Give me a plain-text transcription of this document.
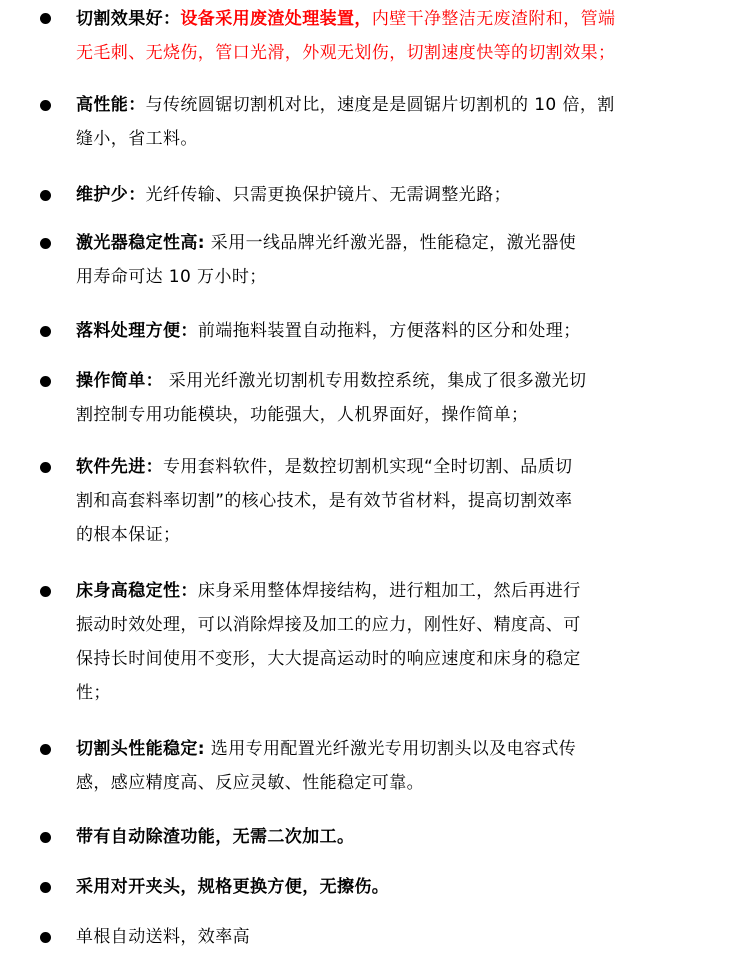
切割效果好：设备采用废渣处理装置，内壁干净整洁无废渣附和，管端
无毛刺、无烧伤，管口光滑，外观无划伤，切割速度快等的切割效果；
高性能：与传统圆锯切割机对比，速度是是圆锯片切割机的 10 倍，割
缝小，省工料。
维护少：光纤传输、只需更换保护镜片、无需调整光路；
激光器稳定性高: 采用一线品牌光纤激光器，性能稳定，激光器使
用寿命可达 10 万小时；
落料处理方便：前端拖料装置自动拖料，方便落料的区分和处理；
操作简单： 采用光纤激光切割机专用数控系统，集成了很多激光切
割控制专用功能模块，功能强大，人机界面好，操作简单；
软件先进：专用套料软件，是数控切割机实现“全时切割、品质切
割和高套料率切割”的核心技术，是有效节省材料，提高切割效率
的根本保证；
床身高稳定性：床身采用整体焊接结构，进行粗加工，然后再进行
振动时效处理，可以消除焊接及加工的应力，刚性好、精度高、可
保持长时间使用不变形，大大提高运动时的响应速度和床身的稳定
性；
切割头性能稳定: 选用专用配置光纤激光专用切割头以及电容式传
感，感应精度高、反应灵敏、性能稳定可靠。
带有自动除渣功能，无需二次加工。
采用对开夹头，规格更换方便，无擦伤。
单根自动送料，效率高
